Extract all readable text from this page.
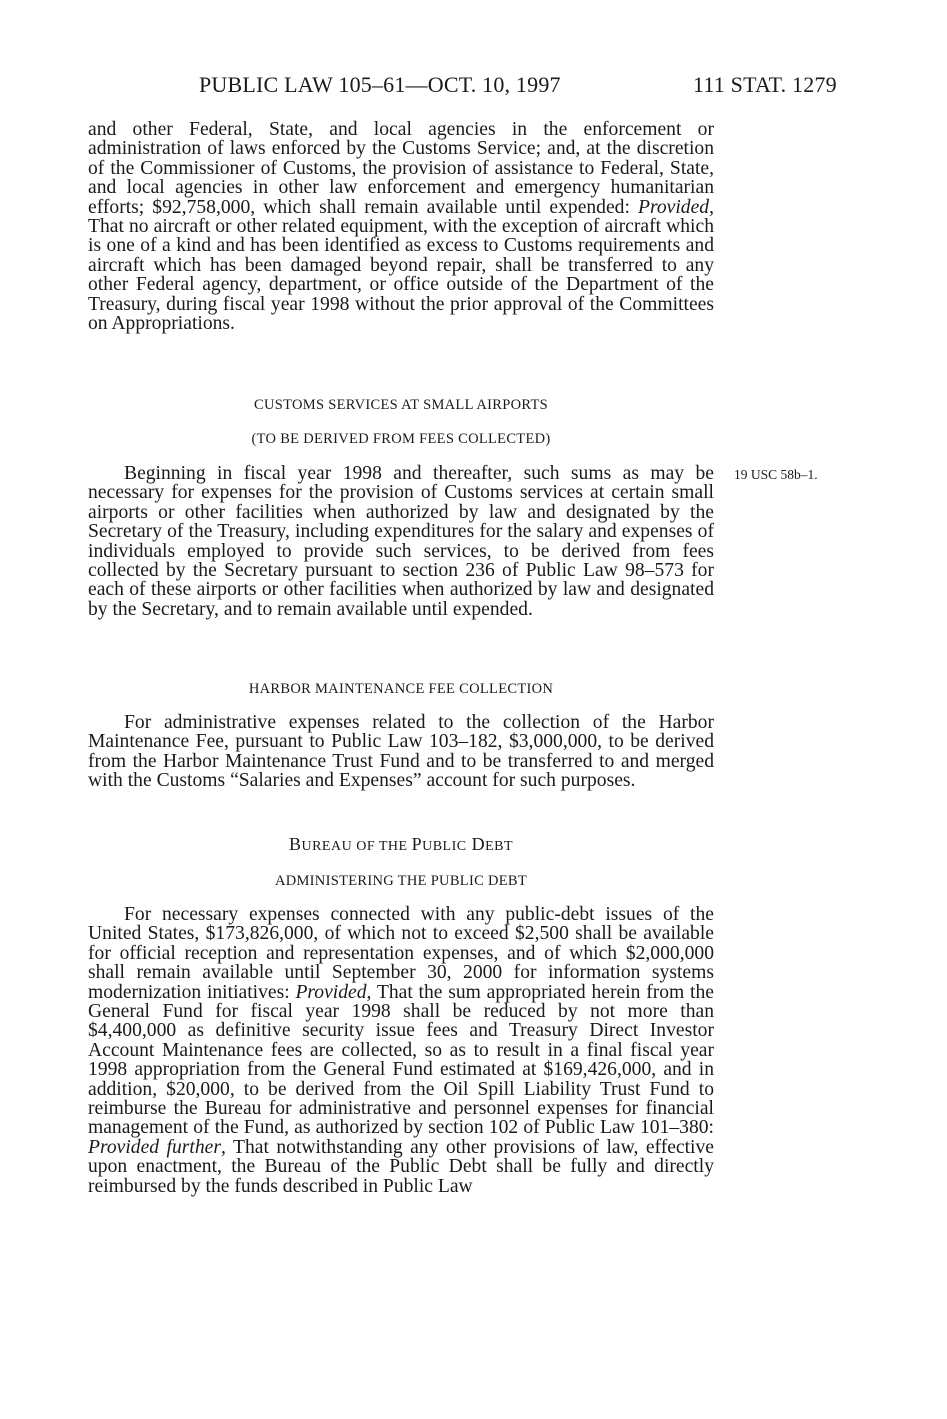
PUBLIC LAW 105–61—OCT. 10, 1997	111 STAT. 1279

and other Federal, State, and local agencies in the enforcement or administration of laws enforced by the Customs Service; and, at the discretion of the Commissioner of Customs, the provision of assistance to Federal, State, and local agencies in other law enforcement and emergency humanitarian efforts; $92,758,000, which shall remain available until expended: Provided, That no aircraft or other related equipment, with the exception of aircraft which is one of a kind and has been identified as excess to Customs requirements and aircraft which has been damaged beyond repair, shall be transferred to any other Federal agency, department, or office outside of the Department of the Treasury, during fiscal year 1998 without the prior approval of the Committees on Appropriations.

CUSTOMS SERVICES AT SMALL AIRPORTS
(TO BE DERIVED FROM FEES COLLECTED)
19 USC 58b–1.

Beginning in fiscal year 1998 and thereafter, such sums as may be necessary for expenses for the provision of Customs services at certain small airports or other facilities when authorized by law and designated by the Secretary of the Treasury, including expenditures for the salary and expenses of individuals employed to provide such services, to be derived from fees collected by the Secretary pursuant to section 236 of Public Law 98–573 for each of these airports or other facilities when authorized by law and designated by the Secretary, and to remain available until expended.

HARBOR MAINTENANCE FEE COLLECTION

For administrative expenses related to the collection of the Harbor Maintenance Fee, pursuant to Public Law 103–182, $3,000,000, to be derived from the Harbor Maintenance Trust Fund and to be transferred to and merged with the Customs “Salaries and Expenses” account for such purposes.

BUREAU OF THE PUBLIC DEBT
ADMINISTERING THE PUBLIC DEBT

For necessary expenses connected with any public-debt issues of the United States, $173,826,000, of which not to exceed $2,500 shall be available for official reception and representation expenses, and of which $2,000,000 shall remain available until September 30, 2000 for information systems modernization initiatives: Provided, That the sum appropriated herein from the General Fund for fiscal year 1998 shall be reduced by not more than $4,400,000 as definitive security issue fees and Treasury Direct Investor Account Maintenance fees are collected, so as to result in a final fiscal year 1998 appropriation from the General Fund estimated at $169,426,000, and in addition, $20,000, to be derived from the Oil Spill Liability Trust Fund to reimburse the Bureau for administrative and personnel expenses for financial management of the Fund, as authorized by section 102 of Public Law 101–380: Provided further, That notwithstanding any other provisions of law, effective upon enactment, the Bureau of the Public Debt shall be fully and directly reimbursed by the funds described in Public Law
